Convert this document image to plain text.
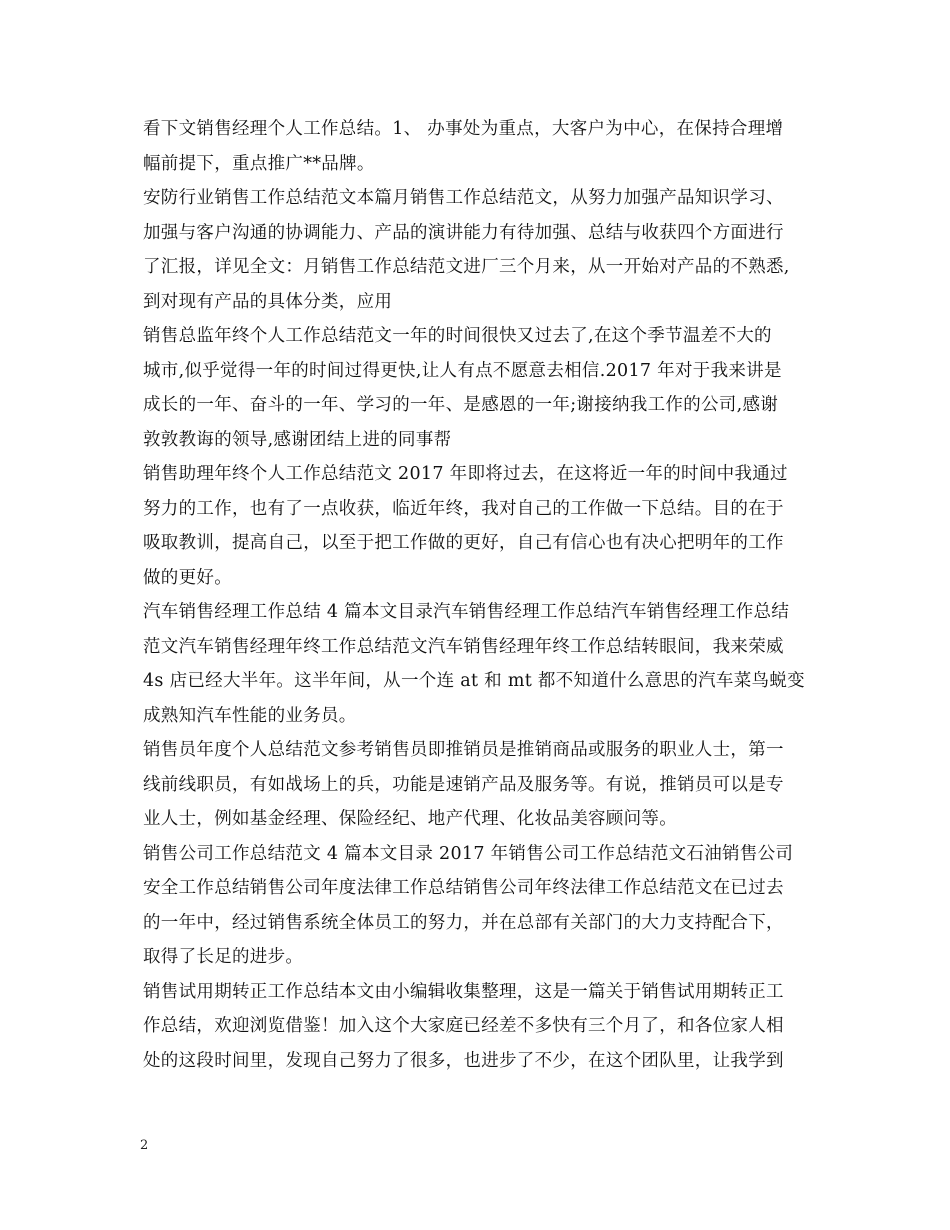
看下文销售经理个人工作总结。1、 办事处为重点，大客户为中心，在保持合理增
幅前提下，重点推广**品牌。
安防行业销售工作总结范文本篇月销售工作总结范文，从努力加强产品知识学习、
加强与客户沟通的协调能力、产品的演讲能力有待加强、总结与收获四个方面进行
了汇报，详见全文：月销售工作总结范文进厂三个月来，从一开始对产品的不熟悉,
到对现有产品的具体分类，应用
销售总监年终个人工作总结范文一年的时间很快又过去了,在这个季节温差不大的
城市,似乎觉得一年的时间过得更快,让人有点不愿意去相信.2017 年对于我来讲是
成长的一年、奋斗的一年、学习的一年、是感恩的一年;谢接纳我工作的公司,感谢
敦敦教诲的领导,感谢团结上进的同事帮
销售助理年终个人工作总结范文 2017 年即将过去，在这将近一年的时间中我通过
努力的工作，也有了一点收获，临近年终，我对自己的工作做一下总结。目的在于
吸取教训，提高自己，以至于把工作做的更好，自己有信心也有决心把明年的工作
做的更好。
汽车销售经理工作总结 4 篇本文目录汽车销售经理工作总结汽车销售经理工作总结
范文汽车销售经理年终工作总结范文汽车销售经理年终工作总结转眼间，我来荣威
4s 店已经大半年。这半年间，从一个连 at 和 mt 都不知道什么意思的汽车菜鸟蜕变
成熟知汽车性能的业务员。
销售员年度个人总结范文参考销售员即推销员是推销商品或服务的职业人士，第一
线前线职员，有如战场上的兵，功能是速销产品及服务等。有说，推销员可以是专
业人士，例如基金经理、保险经纪、地产代理、化妆品美容顾问等。
销售公司工作总结范文 4 篇本文目录 2017 年销售公司工作总结范文石油销售公司
安全工作总结销售公司年度法律工作总结销售公司年终法律工作总结范文在已过去
的一年中，经过销售系统全体员工的努力，并在总部有关部门的大力支持配合下，
取得了长足的进步。
销售试用期转正工作总结本文由小编辑收集整理，这是一篇关于销售试用期转正工
作总结，欢迎浏览借鉴！加入这个大家庭已经差不多快有三个月了，和各位家人相
处的这段时间里，发现自己努力了很多，也进步了不少，在这个团队里，让我学到
2
